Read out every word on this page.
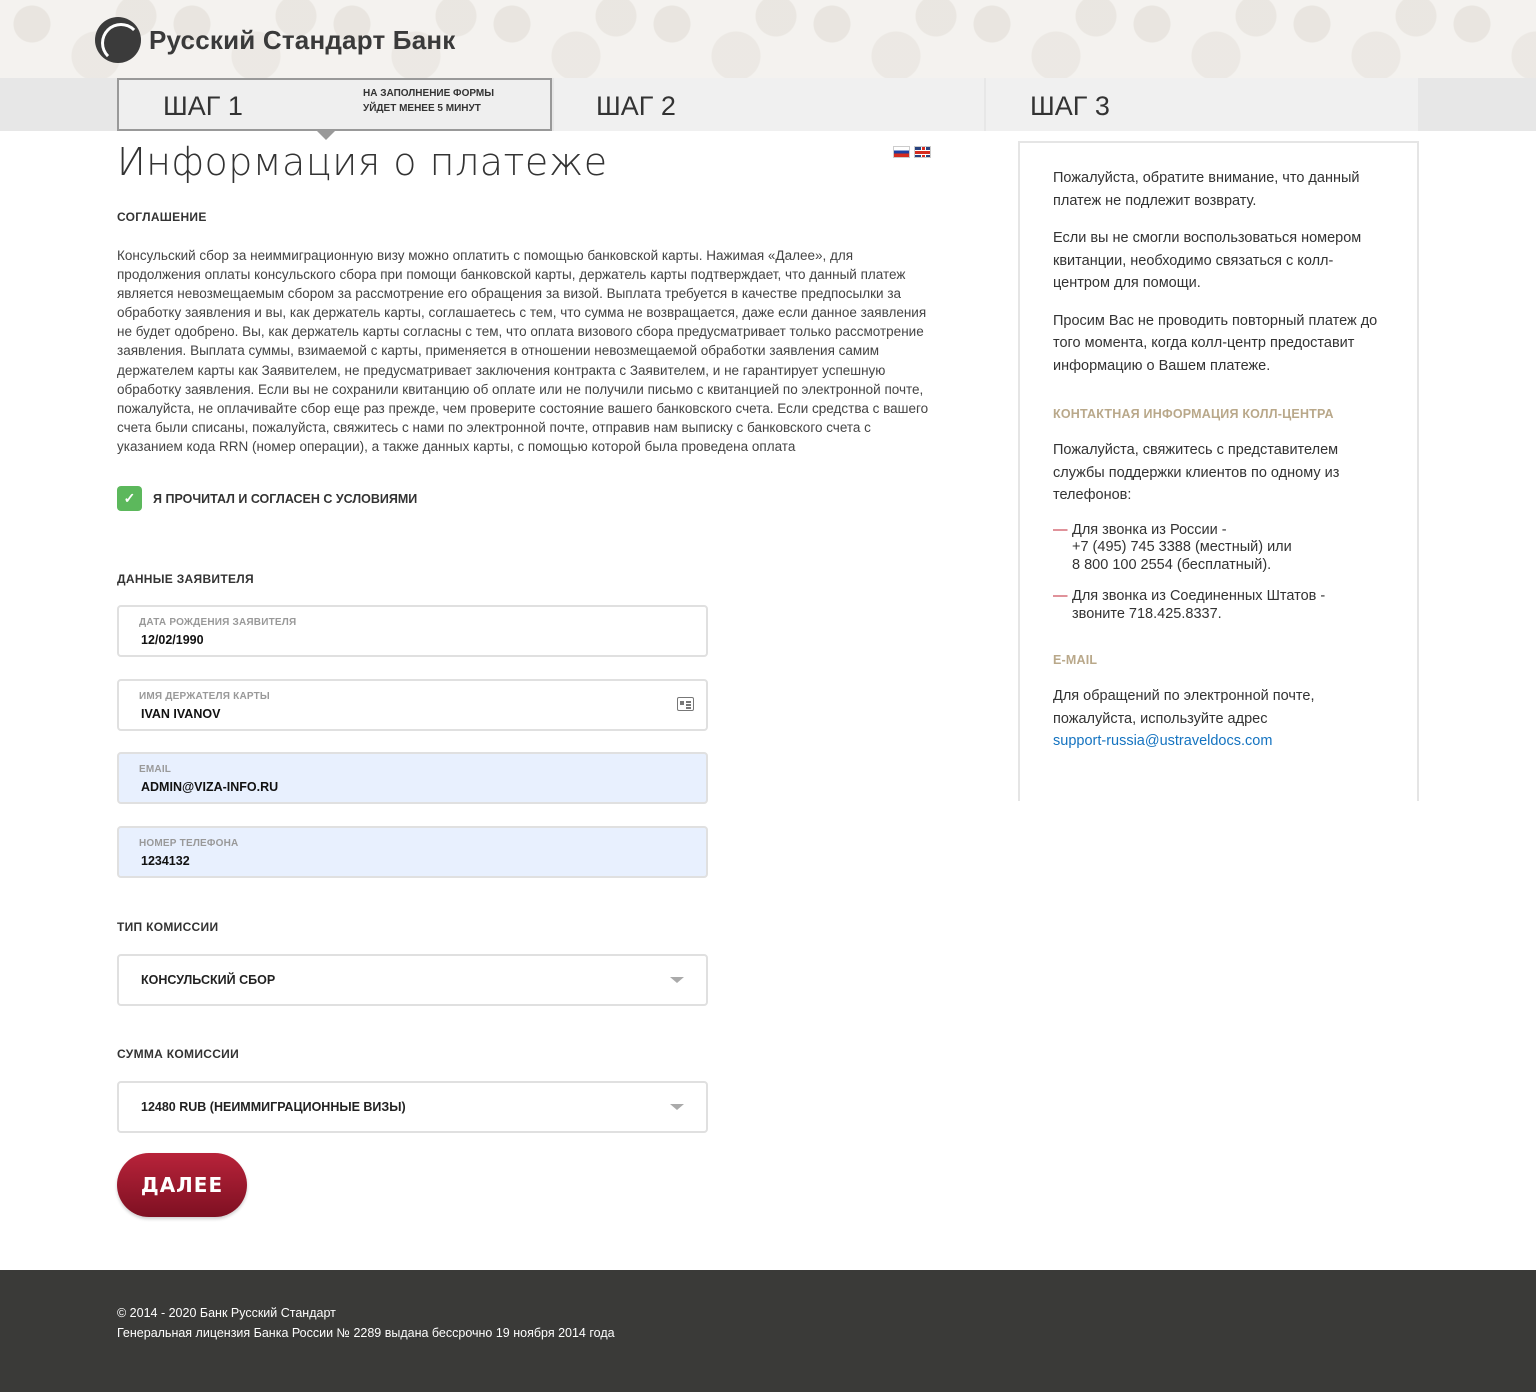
Русский Стандарт Банк
ШАГ 1	НА ЗАПОЛНЕНИЕ ФОРМЫ
УЙДЕТ МЕНЕЕ 5 МИНУТ	ШАГ 2	ШАГ 3
Информация о платеже
СОГЛАШЕНИЕ

Консульский сбор за неиммиграционную визу можно оплатить с помощью банковской карты. Нажимая «Далее», для продолжения оплаты консульского сбора при помощи банковской карты, держатель карты подтверждает, что данный платеж является невозмещаемым сбором за рассмотрение его обращения за визой. Выплата требуется в качестве предпосылки за обработку заявления и вы, как держатель карты, соглашаетесь с тем, что сумма не возвращается, даже если данное заявления не будет одобрено. Вы, как держатель карты согласны с тем, что оплата визового сбора предусматривает только рассмотрение заявления. Выплата суммы, взимаемой с карты, применяется в отношении невозмещаемой обработки заявления самим держателем карты как Заявителем, не предусматривает заключения контракта с Заявителем, и не гарантирует успешную обработку заявления. Если вы не сохранили квитанцию об оплате или не получили письмо с квитанцией по электронной почте, пожалуйста, не оплачивайте сбор еще раз прежде, чем проверите состояние вашего банковского счета. Если средства с вашего счета были списаны, пожалуйста, свяжитесь с нами по электронной почте, отправив нам выписку с банковского счета с указанием кода RRN (номер операции), а также данных карты, с помощью которой была проведена оплата

✓	Я ПРОЧИТАЛ И СОГЛАСЕН С УСЛОВИЯМИ
ДАННЫЕ ЗАЯВИТЕЛЯ
ДАТА РОЖДЕНИЯ ЗАЯВИТЕЛЯ
12/02/1990
ИМЯ ДЕРЖАТЕЛЯ КАРТЫ
IVAN IVANOV
EMAIL
ADMIN@VIZA-INFO.RU
НОМЕР ТЕЛЕФОНА
1234132
ТИП КОМИССИИ
КОНСУЛЬСКИЙ СБОР
СУММА КОМИССИИ
12480 RUB (НЕИММИГРАЦИОННЫЕ ВИЗЫ)
ДАЛЕЕ

Пожалуйста, обратите внимание, что данный платеж не подлежит возврату.

Если вы не смогли воспользоваться номером квитанции, необходимо связаться с колл-центром для помощи.

Просим Вас не проводить повторный платеж до того момента, когда колл-центр предоставит информацию о Вашем платеже.

КОНТАКТНАЯ ИНФОРМАЦИЯ КОЛЛ-ЦЕНТРА

Пожалуйста, свяжитесь с представителем службы поддержки клиентов по одному из телефонов:

— Для звонка из России -
+7 (495) 745 3388 (местный) или
8 800 100 2554 (бесплатный).
— Для звонка из Соединенных Штатов -
звоните 718.425.8337.
E-MAIL

Для обращений по электронной почте, пожалуйста, используйте адрес
support-russia@ustraveldocs.com

© 2014 - 2020 Банк Русский Стандарт

Генеральная лицензия Банка России № 2289 выдана бессрочно 19 ноября 2014 года
